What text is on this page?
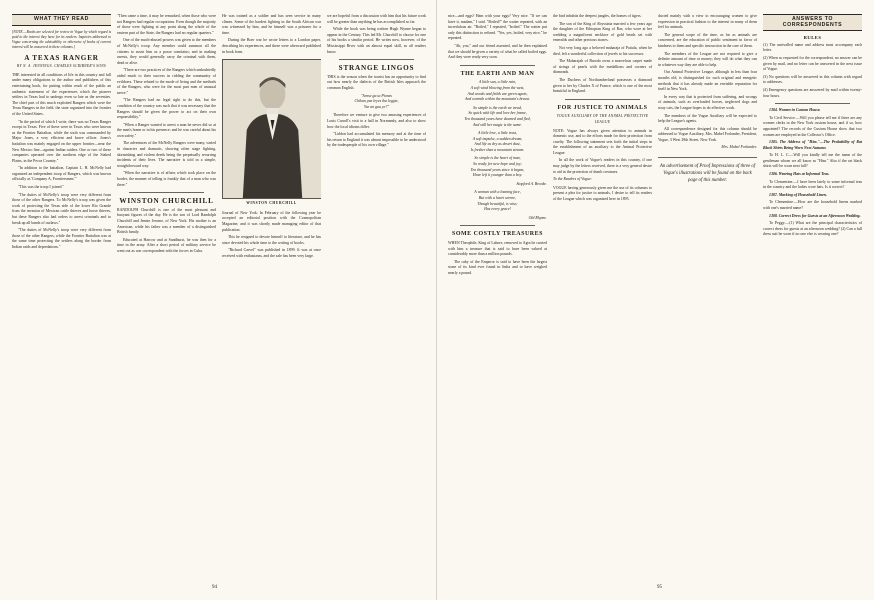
WHAT THEY READ
[NOTE.—Books are selected for review in Vogue by which regard is paid to the interest they have for its readers. Inquiries addressed to Vogue concerning the advisability or otherwise of books of current interest will be answered in these columns.]
A TEXAS RANGER
BY N. A. JENNINGS. CHARLES SCRIBNER'S SONS

THE interested in all conditions of life in this country and full under many obligations to the author and publishers of this entertaining book, for putting within reach of the public an authentic statement of the experiences which the pioneer settlers in Texas had to undergo even so late as the seventies. The chief part of this much exploited Rangers which were the Texas Rangers in the field, the state organized into the frontier of the United States.

"In the period of which I write, there was no Texas Ranger except in Texas. Five of these were in Texas who were known as the Frontier Battalion, while the sixth was commanded by Major Jones, a very efficient and brave officer. Jones's battalion was mainly engaged on the upper frontier—near the New Mexico line—against Indian raiders. One or two of these companies operated over the northern edge of the Staked Plains, in the Pecos Country."

"In addition to the battalion, Captain L. H. McNelly had organized an independent troop of Rangers, which was known officially as 'Company A, Frontiersmen.'"

"This was the troop I joined."

"The duties of McNelly's troop were very different from those of the other Rangers. To McNelly's troop was given the work of protecting the Texas side of the lower Rio Grande from the invasion of Mexican cattle thieves and horse thieves, but these Rangers also had orders to arrest criminals and to break up all bands of outlaws."

"The duties of McNelly's troop were very different from those of the other Rangers, while the Frontier Battalion was at the same time protecting the settlers along the border from Indian raids and depredations."

"Then came a time, it may be remarked, when those who were not Rangers had regular occupations. Even though the majority of those were fighting at any point along the whole of the eastern part of the State, the Rangers had no regular quarters."

One of the much-abused powers was given to the members of McNelly's troop. Any member could summon all the citizens to assist him as a posse comitatus; and in making arrests, they would generally carry the criminal with them, dead or alive.

"There are two practices of the Rangers which undoubtedly aided much to their success in ridding the community of evildoers. These related to the mode of living and the methods of the Rangers, who were for the most part men of unusual nerve."

"The Rangers had no legal right to do this, but the condition of the country was such that it was necessary that the Rangers should be given the power to act on their own responsibility."

"When a Ranger wanted to arrest a man he never did so at the man's home or in his presence; and he was careful about his own safety."

The adventures of the McNelly Rangers were many, varied in character and dramatic, showing often stage fighting, skirmishing and violent deeds being the perpetually recurring incidents of their lives. The narrative is told in a simple, straightforward way.

"When the narrative is of affairs which took place on the border, the manner of telling is frankly that of a man who was there."

WINSTON CHURCHILL

RANDOLPH Churchill is one of the most pleasant and buoyant figures of the day. He is the son of Lord Randolph Churchill and Jennie Jerome, of New York. His mother is an American, while his father was a member of a distinguished British family.

Educated at Harrow and at Sandhurst, he was then for a time in the army. After a short period of military service he went out as war correspondent with the forces in Cuba.

He was trained as a soldier and has seen service in many climes. Some of the hardest fighting in the South African war was witnessed by him, and he himself was a prisoner for a time.

During the Boer war he wrote letters to a London paper, describing his experiences, and these were afterward published in book form.

WINSTON CHURCHILL

Journal of New York. In February of the following year he accepted an editorial position with the Cosmopolitan Magazine, and it was shortly made managing editor of that publication.

This he resigned to devote himself to literature, and he has since devoted his whole time to the writing of books.

"Richard Carvel" was published in 1899. It was at once received with enthusiasm, and the sale has been very large.

we are hopeful from a discussion with him that his future work will be greater than anything he has accomplished so far.

While the book was being written Hugh Wynne began to appear in the Century. This led Mr. Churchill to choose for one of his books a similar period. He writes now, however, of the Mississippi River with an almost equal skill, as all readers know.

STRANGE LINGOS

THIS is the season when the tourist has an opportunity to find out how nearly the dialects of the British Isles approach the common English.

"Sense ga ta Piones
Chikan yaa leyes tha leggie,
Yar an gaa ye?"

Therefore we venture to give two amusing experiences of Louis Carroll's visit to a hall in Normandy, and also to show how the local idioms differ.

"Liddon had accumulated his memory and at the time of his return to England it was almost impossible to be understood by the tradespeople of his own village."

94

nice—and eggs? Ham with your eggs? Very nice. "If we can have it, madam," I said. "Boiled?" the waiter repeated, with an incredulous air. "Boiled," I repeated, "boiled." The waiter put only this distinction to refined. "Yes, yes, boiled, very nice," he repeated.

"Ah, you," and our friend assented, and he then explained that we should be given a variety of what he called boiled eggs. And they were ready very soon.

THE EARTH AND MAN
A little sun, a little rain,
A soft wind blowing from the west,
And woods and fields are green again,
And warmth within the mountain's breast.
So simple is the earth we tread,
So quick with life and love her frame,
Ten thousand years have dawned and fled,
And still her magic is the same.
A little love, a little trust,
A soft impulse, a sudden dream,
And life as dry as desert dust,
Is fresher than a mountain stream.
So simple is the heart of man,
So ready for new hope and joy;
Ten thousand years since it began,
Have left it younger than a boy.
Stopford A. Brooke.
A woman with a loaning face,
But with a heart serene,
Though beautiful, is wise;
Has every grace!
Old Rhyme.
SOME COSTLY TREASURES

WHEN Theophile, King of Lahore, removed to Agra he carried with him a treasure that is said to have been valued at considerably more than a million pounds.

The ruby of the Emperor is said to have been the largest stone of its kind ever found in India and to have weighed nearly a pound.

the bird inhabits the deepest jungles, the homes of tigers.

The son of the King of Abyssinia married a few years ago the daughter of the Ethiopian King of Ras, who wore at her wedding a magnificent necklace of gold beads set with emeralds and other precious stones.

Not very long ago a beloved maharaja of Patiala, when he died, left a wonderful collection of jewels to his successor.

The Maharajah of Baroda owns a marvelous carpet made of strings of pearls with the medallions and corners of diamonds.

The Duchess of Northumberland possesses a diamond given to her by Charles X of France, which is one of the most beautiful in England.

FOR JUSTICE TO ANIMALS
VOGUE AUXILIARY OF THE ANIMAL PROTECTIVE LEAGUE

NOTE: Vogue has always given attention to animals in domestic use, and to the efforts made for their protection from cruelty. The following statement sets forth the initial steps in the establishment of an auxiliary to the Animal Protective League.

In all the work of Vogue's readers in this country, if one may judge by the letters received, there is a very general desire to aid in the protection of dumb creatures.

To the Readers of Vogue:

VOGUE having generously given me the use of its columns to present a plea for justice to animals, I desire to tell its readers of the League which was organized here in 1895.

ducted mainly with a view to encouraging women to give expression in practical fashion to the interest in many of them feel for animals.

The general scope of the time, as far as animals are concerned, are the education of public sentiment in favor of kindness to them and specific instruction in the care of them.

The members of the League are not required to give a definite amount of time or money; they will do what they can in whatever way they are able to help.

Our Animal Protective League, although in less than four months old, is distinguished for such original and energetic methods that it has already made an enviable reputation for itself in New York.

In every way that is protected from suffering, and wrongs of animals, such as overloaded horses, neglected dogs and stray cats, the League hopes to do effective work.

The members of the Vogue Auxiliary will be expected to help the League's agents.

All correspondence designed for this column should be addressed to Vogue Auxiliary, Mrs. Mabel Forlander, President, Vogue, 3 West 29th Street, New York.

Mrs. Mabel Forlander.
An advertisement of Proof Impressions of three of Vogue's illustrations will be found on the back page of this number.
ANSWERS TO CORRESPONDENTS
RULES

(1) The unrivalled name and address must accompany each letter.

(2) When so requested for the correspondent, no answer can be given by mail, and no letter can be answered in the next issue of Vogue.

(3) No questions will be answered in this column with regard to addresses.

(4) Emergency questions are answered by mail within twenty-four hours.

1304. Women in Custom House.

To Civil Service.—Will you please tell me if there are any women clerks in the New York custom house, and if so, how appointed? The records of the Custom House show that two women are employed in the Collector's Office.

1305. The Address of "Him."—The Probability of Rat Black Shirts Being Worn Next Autumn.

To H. L. C.—Will you kindly tell me the name of the gentleman whom we all know as "Him." Also if the rat black shirts will be worn next fall?

1306. Wearing Hats at Informal Teas.

To Clementine.—I have been lately to some informal teas in the country and the ladies wore hats. Is it correct?

1307. Marking of Household Linen.

To Clementine.—How are the household linens marked with one's married name?

1308. Correct Dress for Guests at an Afternoon Wedding.

To Peggy.—(1) What are the principal characteristics of correct dress for guests at an afternoon wedding? (2) Can a full dress suit be worn if no one else is wearing one?

95
